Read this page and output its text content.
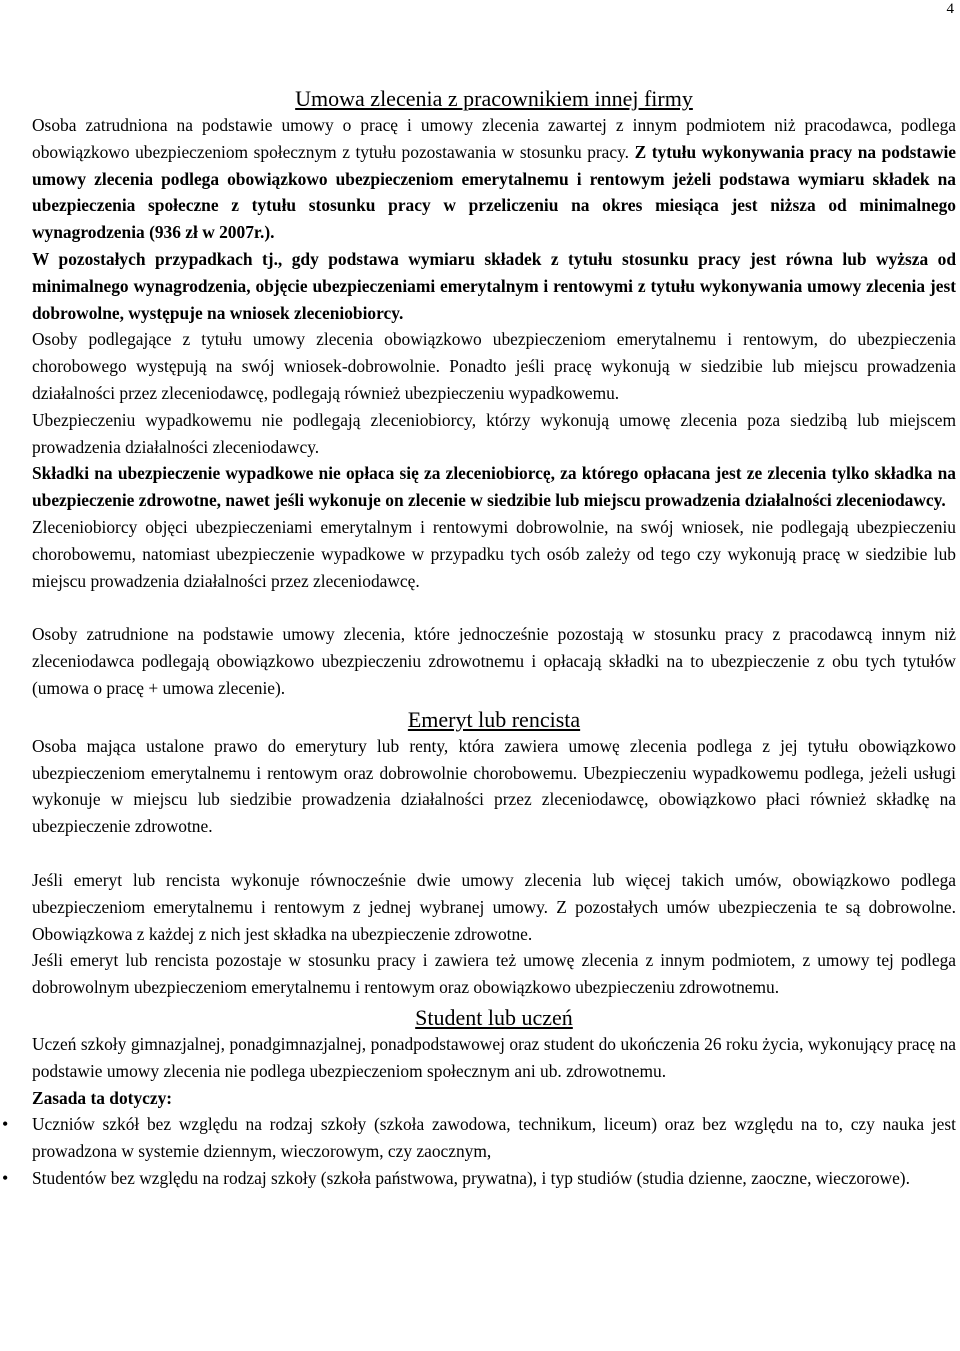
4
Umowa zlecenia z pracownikiem innej firmy

Osoba zatrudniona na podstawie umowy o pracę i umowy zlecenia zawartej z innym podmiotem niż pracodawca, podlega obowiązkowo ubezpieczeniom społecznym z tytułu pozostawania w stosunku pracy. Z tytułu wykonywania pracy na podstawie umowy zlecenia podlega obowiązkowo ubezpieczeniom emerytalnemu i rentowym jeżeli podstawa wymiaru składek na ubezpieczenia społeczne z tytułu stosunku pracy w przeliczeniu na okres miesiąca jest niższa od minimalnego wynagrodzenia (936 zł w 2007r.).

W pozostałych przypadkach tj., gdy podstawa wymiaru składek z tytułu stosunku pracy jest równa lub wyższa od minimalnego wynagrodzenia, objęcie ubezpieczeniami emerytalnym i rentowymi z tytułu wykonywania umowy zlecenia jest dobrowolne, występuje na wniosek zleceniobiorcy.

Osoby podlegające z tytułu umowy zlecenia obowiązkowo ubezpieczeniom emerytalnemu i rentowym, do ubezpieczenia chorobowego występują na swój wniosek-dobrowolnie. Ponadto jeśli pracę wykonują w siedzibie lub miejscu prowadzenia działalności przez zleceniodawcę, podlegają również ubezpieczeniu wypadkowemu.

Ubezpieczeniu wypadkowemu nie podlegają zleceniobiorcy, którzy wykonują umowę zlecenia poza siedzibą lub miejscem prowadzenia działalności zleceniodawcy.

Składki na ubezpieczenie wypadkowe nie opłaca się za zleceniobiorcę, za którego opłacana jest ze zlecenia tylko składka na ubezpieczenie zdrowotne, nawet jeśli wykonuje on zlecenie w siedzibie lub miejscu prowadzenia działalności zleceniodawcy.

Zleceniobiorcy objęci ubezpieczeniami emerytalnym i rentowymi dobrowolnie, na swój wniosek, nie podlegają ubezpieczeniu chorobowemu, natomiast ubezpieczenie wypadkowe w przypadku tych osób zależy od tego czy wykonują pracę w siedzibie lub miejscu prowadzenia działalności przez zleceniodawcę.

Osoby zatrudnione na podstawie umowy zlecenia, które jednocześnie pozostają w stosunku pracy z pracodawcą innym niż zleceniodawca podlegają obowiązkowo ubezpieczeniu zdrowotnemu i opłacają składki na to ubezpieczenie z obu tych tytułów (umowa o pracę + umowa zlecenie).

Emeryt lub rencista

Osoba mająca ustalone prawo do emerytury lub renty, która zawiera umowę zlecenia podlega z jej tytułu obowiązkowo ubezpieczeniom emerytalnemu i rentowym oraz dobrowolnie chorobowemu. Ubezpieczeniu wypadkowemu podlega, jeżeli usługi wykonuje w miejscu lub siedzibie prowadzenia działalności przez zleceniodawcę, obowiązkowo płaci również składkę na ubezpieczenie zdrowotne.

Jeśli emeryt lub rencista wykonuje równocześnie dwie umowy zlecenia lub więcej takich umów, obowiązkowo podlega ubezpieczeniom emerytalnemu i rentowym z jednej wybranej umowy. Z pozostałych umów ubezpieczenia te są dobrowolne. Obowiązkowa z każdej z nich jest składka na ubezpieczenie zdrowotne.

Jeśli emeryt lub rencista pozostaje w stosunku pracy i zawiera też umowę zlecenia z innym podmiotem, z umowy tej podlega dobrowolnym ubezpieczeniom emerytalnemu i rentowym oraz obowiązkowo ubezpieczeniu zdrowotnemu.

Student lub uczeń

Uczeń szkoły gimnazjalnej, ponadgimnazjalnej, ponadpodstawowej oraz student do ukończenia 26 roku życia, wykonujący pracę na podstawie umowy zlecenia nie podlega ubezpieczeniom społecznym ani ub. zdrowotnemu.

Zasada ta dotyczy:

• Uczniów szkół bez względu na rodzaj szkoły (szkoła zawodowa, technikum, liceum) oraz bez względu na to, czy nauka jest prowadzona w systemie dziennym, wieczorowym, czy zaocznym,
• Studentów bez względu na rodzaj szkoły (szkoła państwowa, prywatna), i typ studiów (studia dzienne, zaoczne, wieczorowe).
